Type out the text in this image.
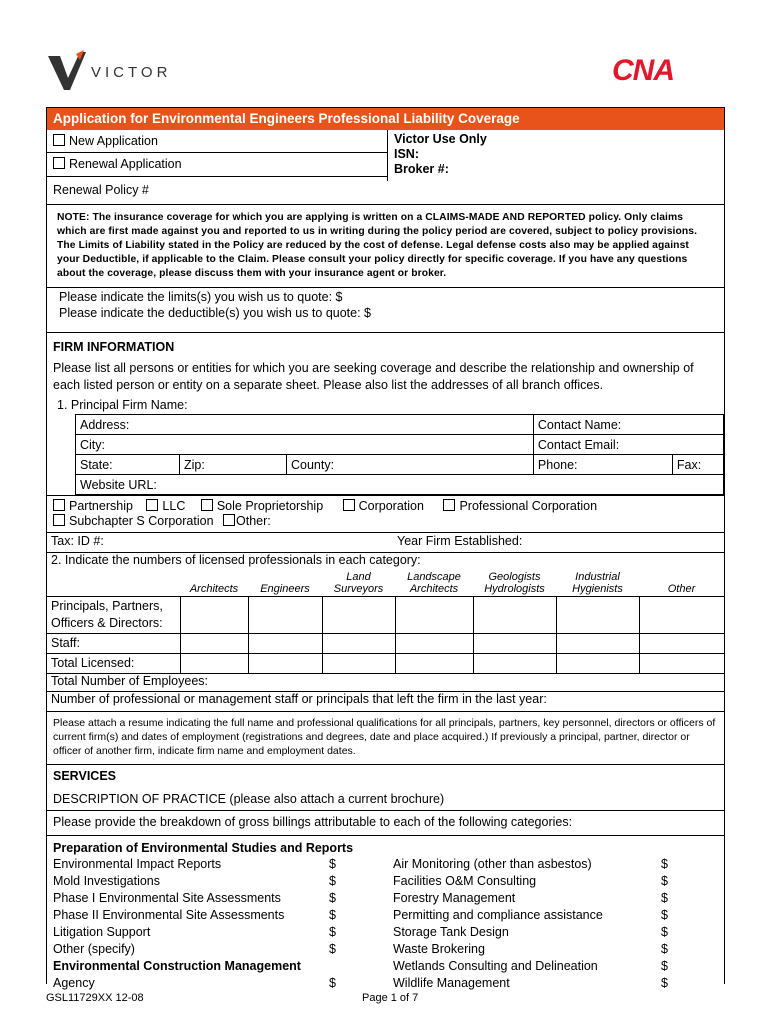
VICTOR	CNA
Application for Environmental Engineers Professional Liability Coverage
New Application
Renewal Application
Renewal Policy #
Victor Use Only
ISN:
Broker #:
NOTE: The insurance coverage for which you are applying is written on a CLAIMS-MADE AND REPORTED policy. Only claims which are first made against you and reported to us in writing during the policy period are covered, subject to policy provisions. The Limits of Liability stated in the Policy are reduced by the cost of defense. Legal defense costs also may be applied against your Deductible, if applicable to the Claim. Please consult your policy directly for specific coverage. If you have any questions about the coverage, please discuss them with your insurance agent or broker.
Please indicate the limits(s) you wish us to quote: $
Please indicate the deductible(s) you wish us to quote: $
FIRM INFORMATION
Please list all persons or entities for which you are seeking coverage and describe the relationship and ownership of each listed person or entity on a separate sheet. Please also list the addresses of all branch offices.
1. Principal Firm Name:
Address:			Contact Name:	
City:			Contact Email:	
State:	Zip:	County:	Phone:	Fax:
Website URL:				
Partnership LLC	Sole Proprietorship	Corporation	Professional Corporation
Subchapter S Corporation Other:
Tax: ID #:	Year Firm Established:
2. Indicate the numbers of licensed professionals in each category:
	Architects	Engineers	Land Surveyors	Landscape Architects	Geologists Hydrologists	Industrial Hygienists	Other
Principals, Partners, Officers & Directors:							
Staff:							
Total Licensed:							
Total Number of Employees:
Number of professional or management staff or principals that left the firm in the last year:
Please attach a resume indicating the full name and professional qualifications for all principals, partners, key personnel, directors or officers of current firm(s) and dates of employment (registrations and degrees, date and place acquired.) If previously a principal, partner, director or officer of another firm, indicate firm name and employment dates.
SERVICES
DESCRIPTION OF PRACTICE (please also attach a current brochure)
Please provide the breakdown of gross billings attributable to each of the following categories:
Preparation of Environmental Studies and Reports
Environmental Impact Reports	$
Mold Investigations	$
Phase I Environmental Site Assessments	$
Phase II Environmental Site Assessments	$
Litigation Support	$
Other (specify)	$
Environmental Construction Management
Agency	$
Air Monitoring (other than asbestos)	$
Facilities O&M Consulting	$
Forestry Management	$
Permitting and compliance assistance	$
Storage Tank Design	$
Waste Brokering	$
Wetlands Consulting and Delineation	$
Wildlife Management	$
GSL11729XX 12-08	Page 1 of 7
